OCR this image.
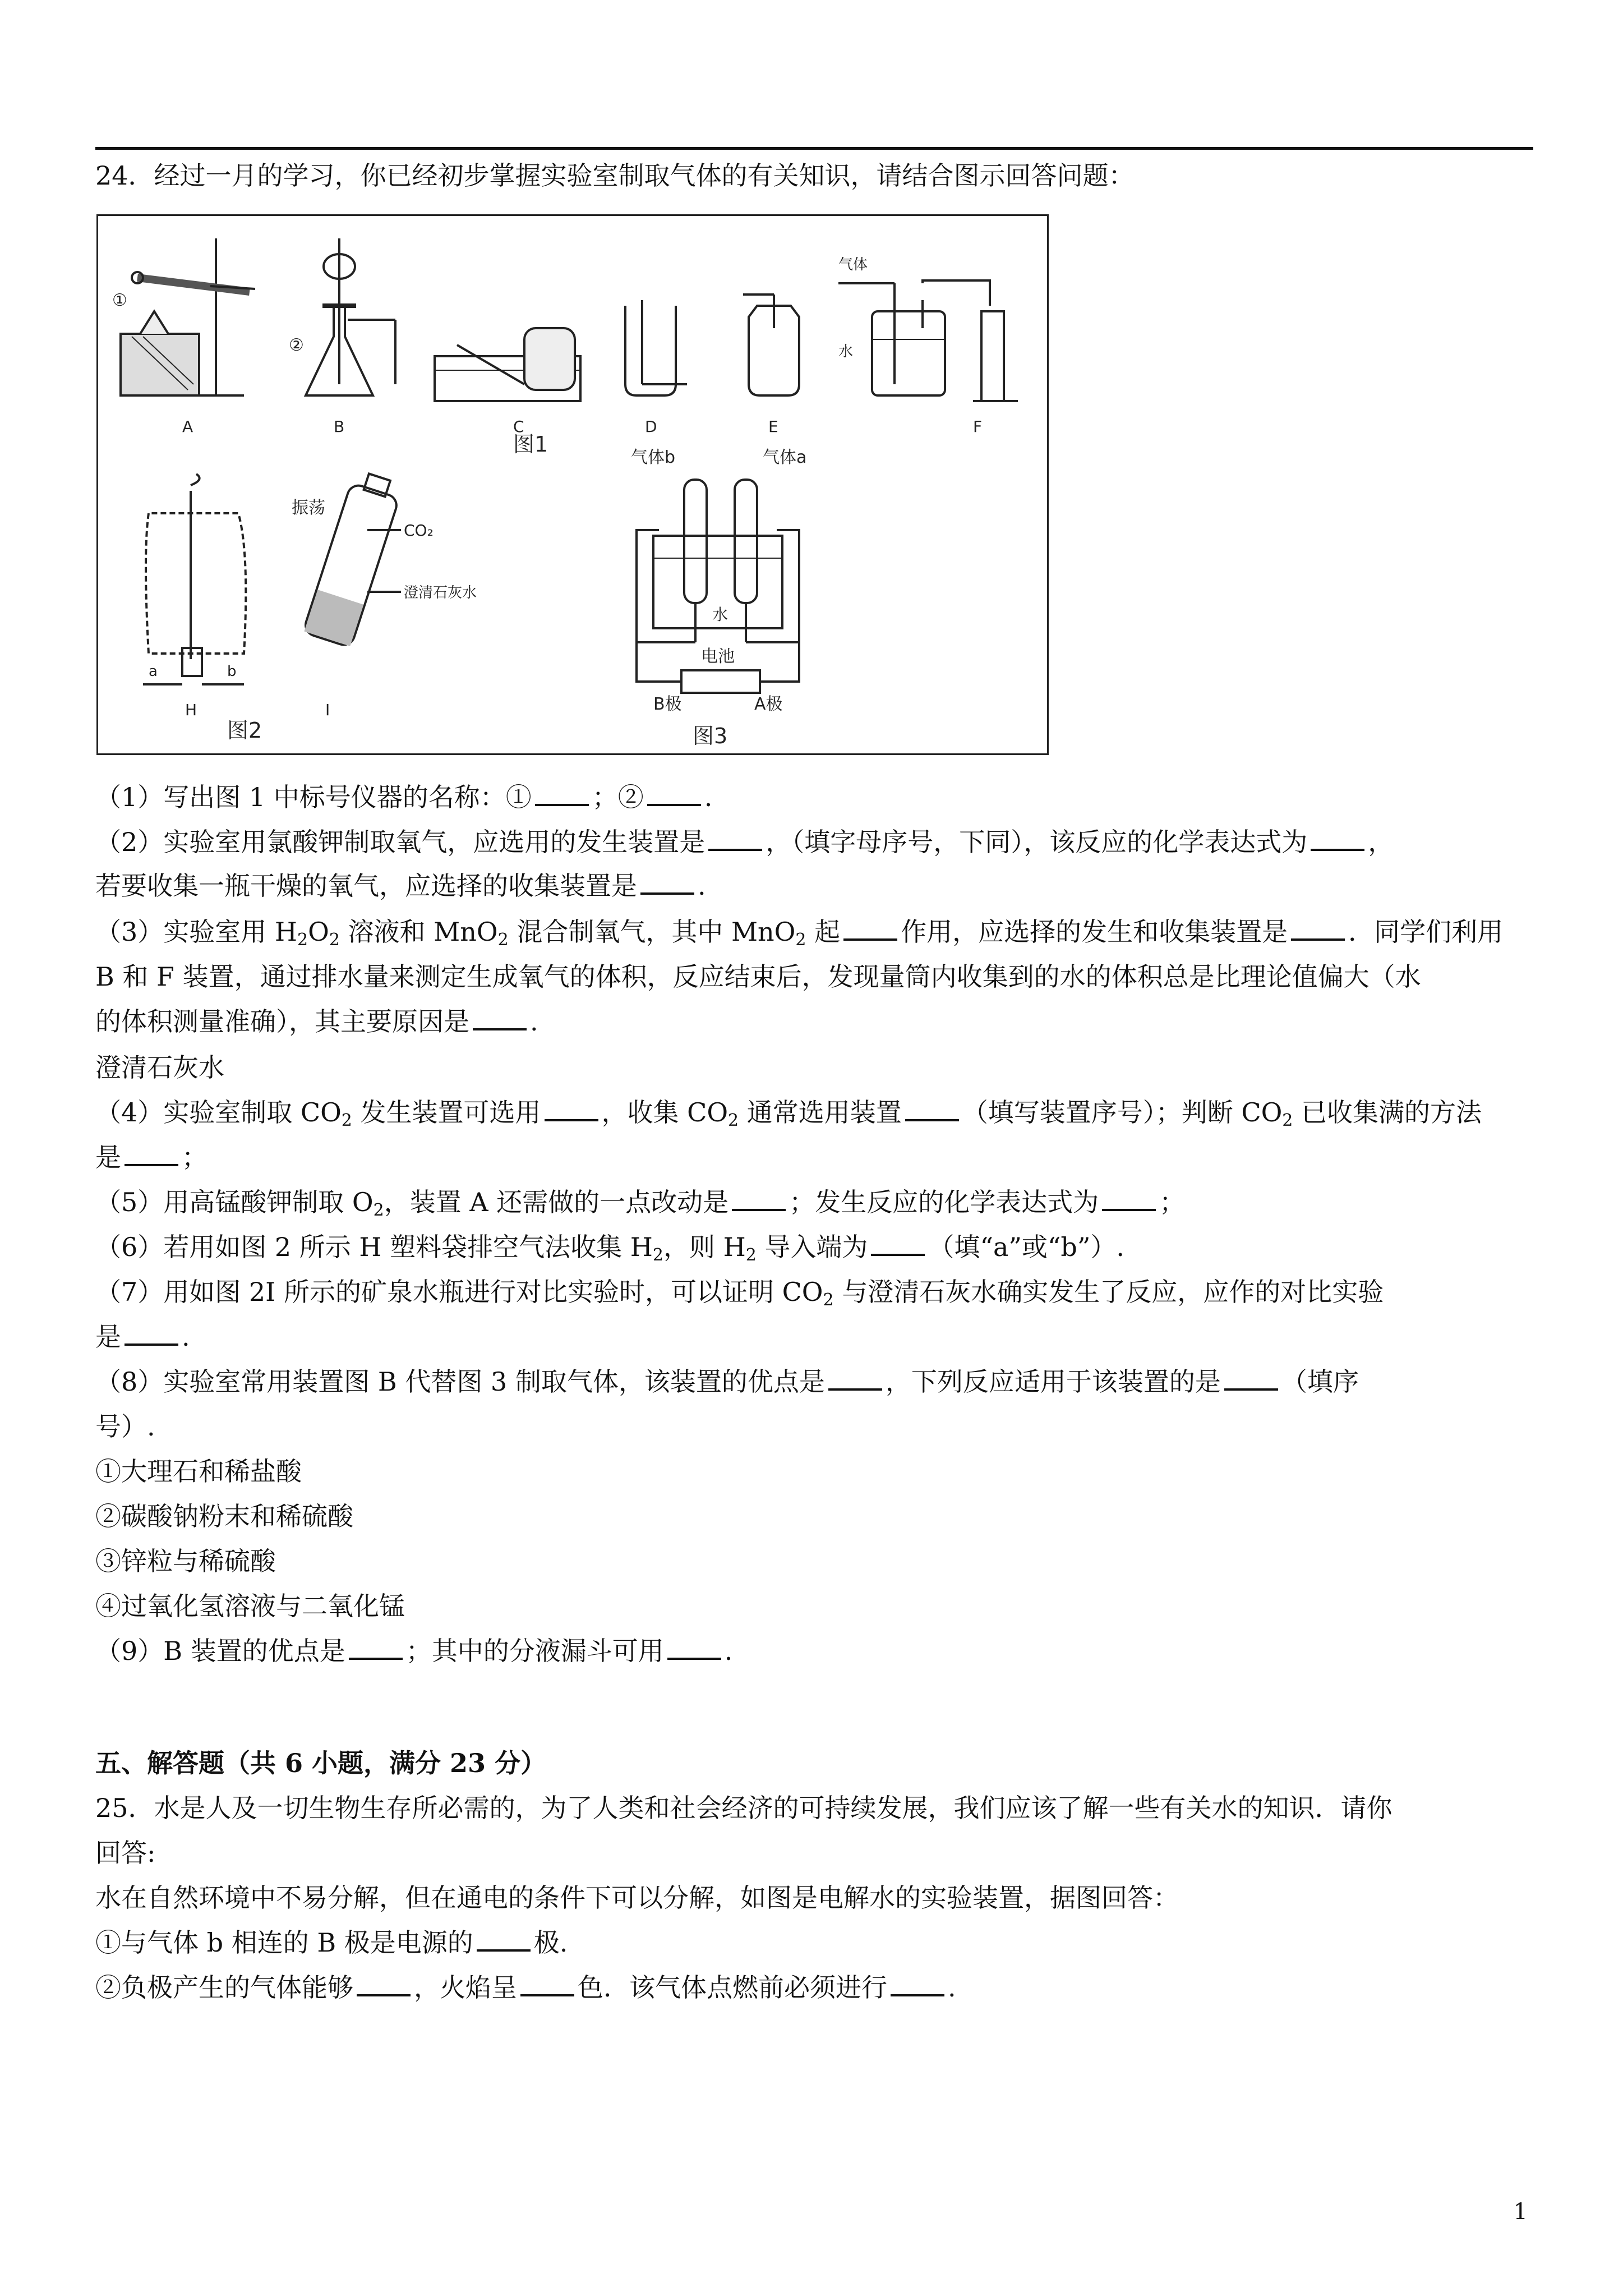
24．经过一月的学习，你已经初步掌握实验室制取气体的有关知识，请结合图示回答问题：
①
A
②
B	C	D	E
气体
水
F
图1
a	b
H
振荡
CO₂
澄清石灰水
I
图2
气体b	气体a
水
电池
B极	A极
图3
（1）写出图 1 中标号仪器的名称：① ；② .
（2）实验室用氯酸钾制取氧气，应选用的发生装置是 ，（填字母序号，下同），该反应的化学表达式为 ，
若要收集一瓶干燥的氧气，应选择的收集装置是 .
（3）实验室用 $H_2O_2$ 溶液和 MnO$_2$ 混合制氧气，其中 MnO$_2$ 起 作用，应选择的发生和收集装置是 ．同学们利用
B 和 F 装置，通过排水量来测定生成氧气的体积，反应结束后，发现量筒内收集到的水的体积总是比理论值偏大（水
的体积测量准确），其主要原因是 .
澄清石灰水
（4）实验室制取 $CO_2$ 发生装置可选用 ，收集 $CO_2$ 通常选用装置 （填写装置序号）；判断 $CO_2$ 已收集满的方法
是 ；
（5）用高锰酸钾制取 $O_2$，装置 A 还需做的一点改动是 ；发生反应的化学表达式为 ；
（6）若用如图 2 所示 H 塑料袋排空气法收集 $H_2$，则 $H_2$ 导入端为 （填“a”或“b”）.
（7）用如图 2I 所示的矿泉水瓶进行对比实验时，可以证明 $CO_2$ 与澄清石灰水确实发生了反应，应作的对比实验
是 .
（8）实验室常用装置图 B 代替图 3 制取气体，该装置的优点是 ，下列反应适用于该装置的是 （填序
号）.
①大理石和稀盐酸
②碳酸钠粉末和稀硫酸
③锌粒与稀硫酸
④过氧化氢溶液与二氧化锰
（9）B 装置的优点是 ；其中的分液漏斗可用 .
五、解答题（共 6 小题，满分 23 分）
25．水是人及一切生物生存所必需的，为了人类和社会经济的可持续发展，我们应该了解一些有关水的知识．请你
回答:
水在自然环境中不易分解，但在通电的条件下可以分解，如图是电解水的实验装置，据图回答：
①与气体 b 相连的 B 极是电源的 极.
②负极产生的气体能够 ，火焰呈 色．该气体点燃前必须进行 .
1
